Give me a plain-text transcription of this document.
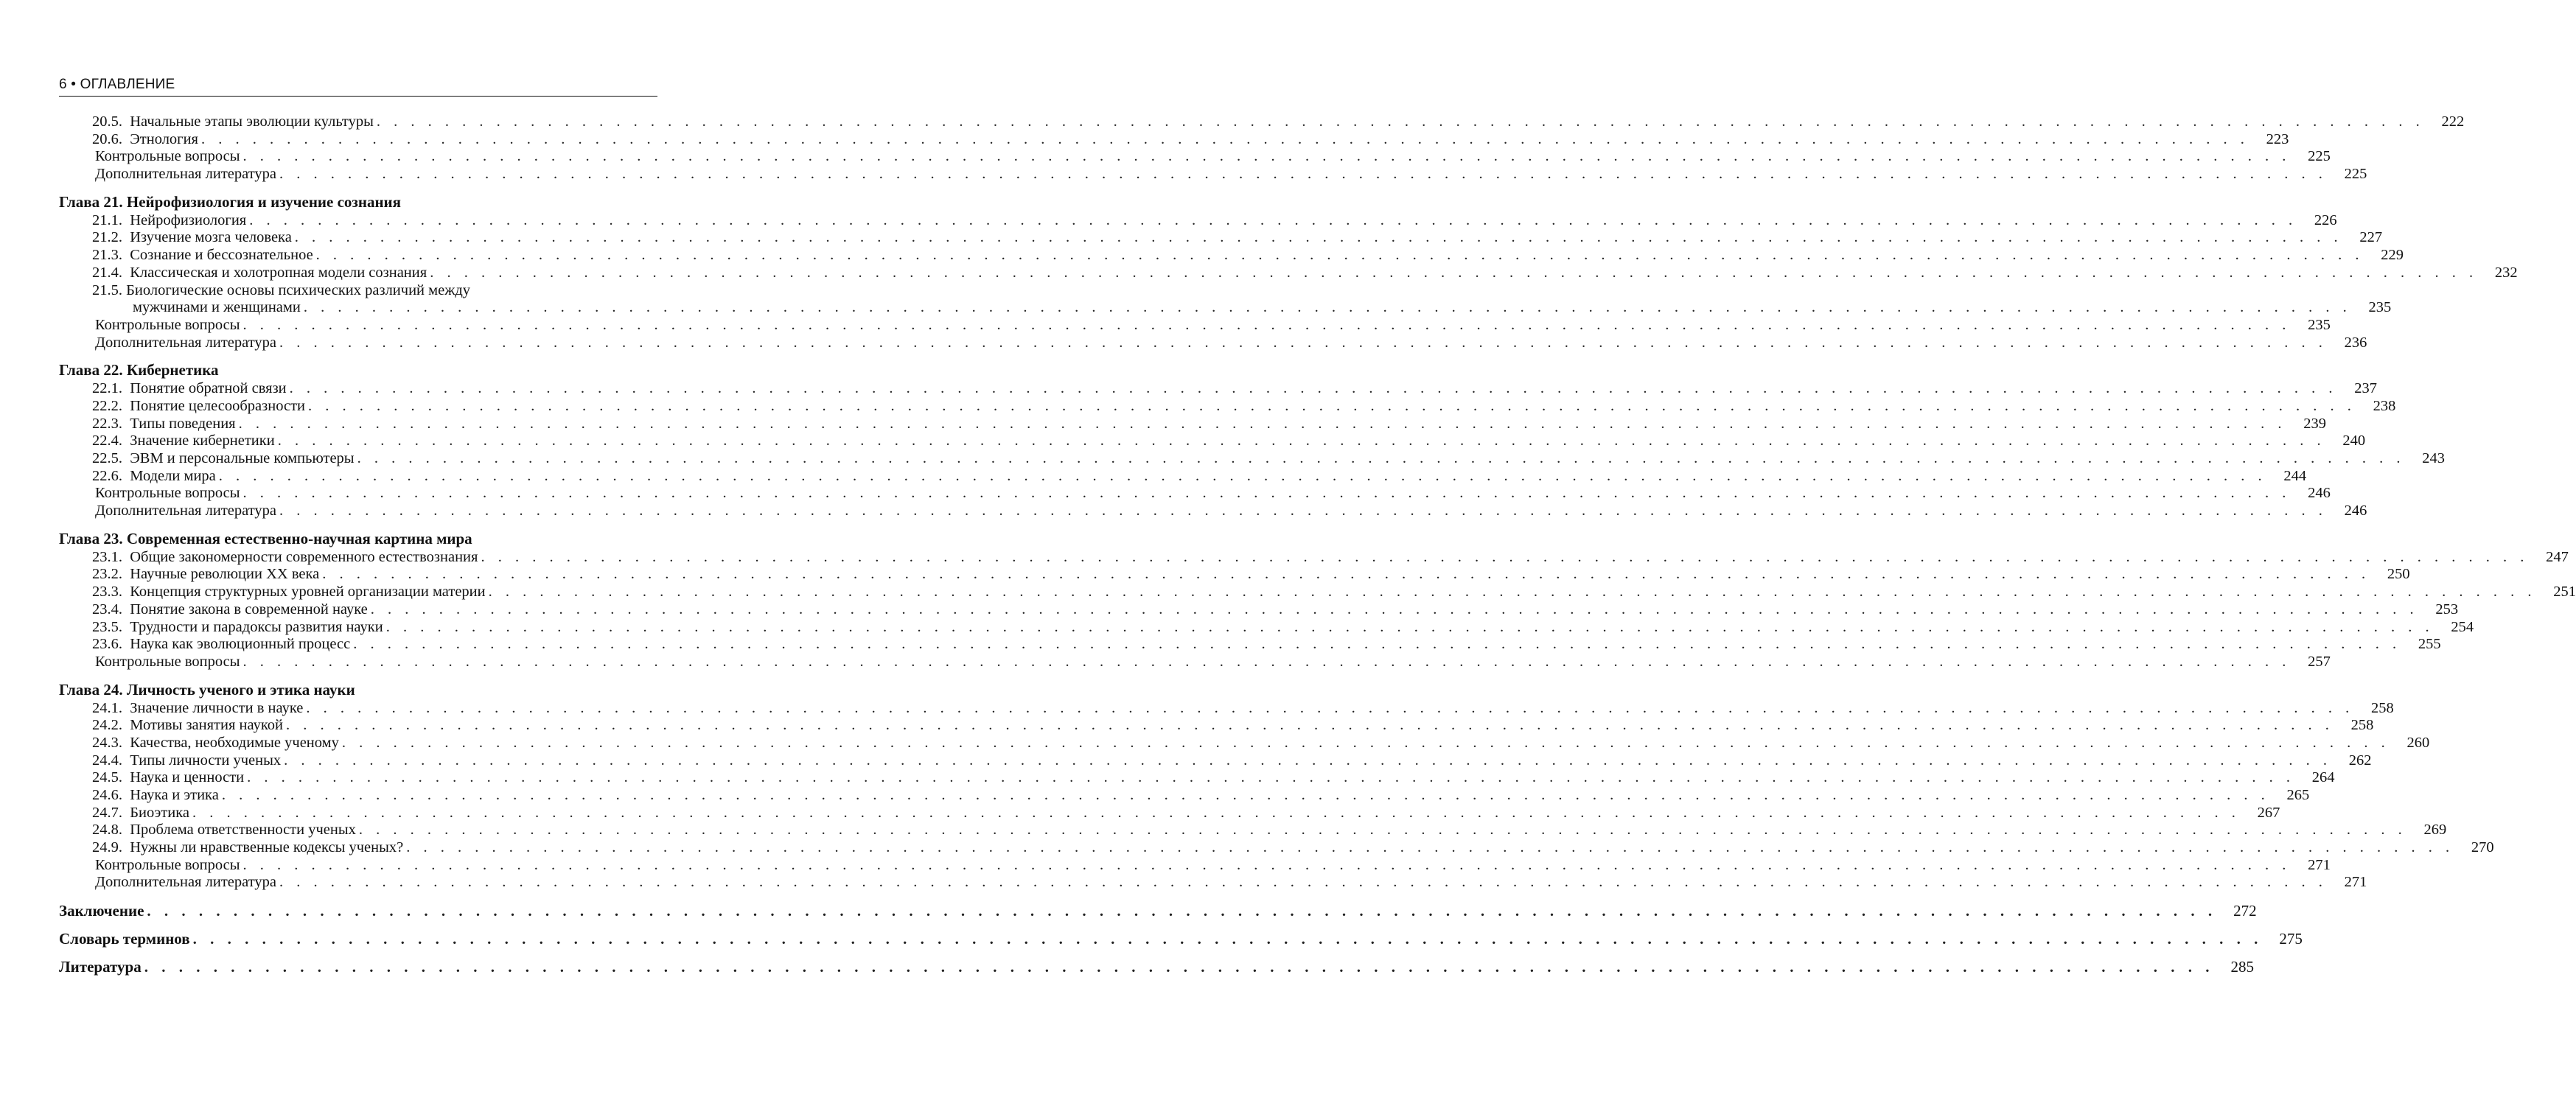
6 • ОГЛАВЛЕНИЕ
20.5.  Начальные этапы эволюции культуры . . . . . . . . . . . . . . . . . . . . . . . . . . . . . . . . . . . . . . . . . . . . . . . . . . . . . . . . . . . . . . . . . . . . . . . . . . . . . . . . . . . . . . . . . . . . . . . . . . . . . . . . . . . . . . . . . . . . . . . .	222
20.6.  Этнология . . . . . . . . . . . . . . . . . . . . . . . . . . . . . . . . . . . . . . . . . . . . . . . . . . . . . . . . . . . . . . . . . . . . . . . . . . . . . . . . . . . . . . . . . . . . . . . . . . . . . . . . . . . . . . . . . . . . . . . .	223
Контрольные вопросы . . . . . . . . . . . . . . . . . . . . . . . . . . . . . . . . . . . . . . . . . . . . . . . . . . . . . . . . . . . . . . . . . . . . . . . . . . . . . . . . . . . . . . . . . . . . . . . . . . . . . . . . . . . . . . . . . . . . . . . .	225
Дополнительная литература . . . . . . . . . . . . . . . . . . . . . . . . . . . . . . . . . . . . . . . . . . . . . . . . . . . . . . . . . . . . . . . . . . . . . . . . . . . . . . . . . . . . . . . . . . . . . . . . . . . . . . . . . . . . . . . . . . . . . . . .	225
Глава 21. Нейрофизиология и изучение сознания
21.1.  Нейрофизиология . . . . . . . . . . . . . . . . . . . . . . . . . . . . . . . . . . . . . . . . . . . . . . . . . . . . . . . . . . . . . . . . . . . . . . . . . . . . . . . . . . . . . . . . . . . . . . . . . . . . . . . . . . . . . . . . . . . . . . . .	226
21.2.  Изучение мозга человека . . . . . . . . . . . . . . . . . . . . . . . . . . . . . . . . . . . . . . . . . . . . . . . . . . . . . . . . . . . . . . . . . . . . . . . . . . . . . . . . . . . . . . . . . . . . . . . . . . . . . . . . . . . . . . . . . . . . . . . .	227
21.3.  Сознание и бессознательное . . . . . . . . . . . . . . . . . . . . . . . . . . . . . . . . . . . . . . . . . . . . . . . . . . . . . . . . . . . . . . . . . . . . . . . . . . . . . . . . . . . . . . . . . . . . . . . . . . . . . . . . . . . . . . . . . . . . . . . .	229
21.4.  Классическая и холотропная модели сознания . . . . . . . . . . . . . . . . . . . . . . . . . . . . . . . . . . . . . . . . . . . . . . . . . . . . . . . . . . . . . . . . . . . . . . . . . . . . . . . . . . . . . . . . . . . . . . . . . . . . . . . . . . . . . . . . . . . . . . . .	232
21.5. Биологические основы психических различий между
мужчинами и женщинами . . . . . . . . . . . . . . . . . . . . . . . . . . . . . . . . . . . . . . . . . . . . . . . . . . . . . . . . . . . . . . . . . . . . . . . . . . . . . . . . . . . . . . . . . . . . . . . . . . . . . . . . . . . . . . . . . . . . . . . .	235
Контрольные вопросы . . . . . . . . . . . . . . . . . . . . . . . . . . . . . . . . . . . . . . . . . . . . . . . . . . . . . . . . . . . . . . . . . . . . . . . . . . . . . . . . . . . . . . . . . . . . . . . . . . . . . . . . . . . . . . . . . . . . . . . .	235
Дополнительная литература . . . . . . . . . . . . . . . . . . . . . . . . . . . . . . . . . . . . . . . . . . . . . . . . . . . . . . . . . . . . . . . . . . . . . . . . . . . . . . . . . . . . . . . . . . . . . . . . . . . . . . . . . . . . . . . . . . . . . . . .	236
Глава 22. Кибернетика
22.1.  Понятие обратной связи . . . . . . . . . . . . . . . . . . . . . . . . . . . . . . . . . . . . . . . . . . . . . . . . . . . . . . . . . . . . . . . . . . . . . . . . . . . . . . . . . . . . . . . . . . . . . . . . . . . . . . . . . . . . . . . . . . . . . . . .	237
22.2.  Понятие целесообразности . . . . . . . . . . . . . . . . . . . . . . . . . . . . . . . . . . . . . . . . . . . . . . . . . . . . . . . . . . . . . . . . . . . . . . . . . . . . . . . . . . . . . . . . . . . . . . . . . . . . . . . . . . . . . . . . . . . . . . . .	238
22.3.  Типы поведения . . . . . . . . . . . . . . . . . . . . . . . . . . . . . . . . . . . . . . . . . . . . . . . . . . . . . . . . . . . . . . . . . . . . . . . . . . . . . . . . . . . . . . . . . . . . . . . . . . . . . . . . . . . . . . . . . . . . . . . .	239
22.4.  Значение кибернетики . . . . . . . . . . . . . . . . . . . . . . . . . . . . . . . . . . . . . . . . . . . . . . . . . . . . . . . . . . . . . . . . . . . . . . . . . . . . . . . . . . . . . . . . . . . . . . . . . . . . . . . . . . . . . . . . . . . . . . . .	240
22.5.  ЭВМ и персональные компьютеры . . . . . . . . . . . . . . . . . . . . . . . . . . . . . . . . . . . . . . . . . . . . . . . . . . . . . . . . . . . . . . . . . . . . . . . . . . . . . . . . . . . . . . . . . . . . . . . . . . . . . . . . . . . . . . . . . . . . . . . .	243
22.6.  Модели мира . . . . . . . . . . . . . . . . . . . . . . . . . . . . . . . . . . . . . . . . . . . . . . . . . . . . . . . . . . . . . . . . . . . . . . . . . . . . . . . . . . . . . . . . . . . . . . . . . . . . . . . . . . . . . . . . . . . . . . . .	244
Контрольные вопросы . . . . . . . . . . . . . . . . . . . . . . . . . . . . . . . . . . . . . . . . . . . . . . . . . . . . . . . . . . . . . . . . . . . . . . . . . . . . . . . . . . . . . . . . . . . . . . . . . . . . . . . . . . . . . . . . . . . . . . . .	246
Дополнительная литература . . . . . . . . . . . . . . . . . . . . . . . . . . . . . . . . . . . . . . . . . . . . . . . . . . . . . . . . . . . . . . . . . . . . . . . . . . . . . . . . . . . . . . . . . . . . . . . . . . . . . . . . . . . . . . . . . . . . . . . .	246
Глава 23. Современная естественно-научная картина мира
23.1.  Общие закономерности современного естествознания . . . . . . . . . . . . . . . . . . . . . . . . . . . . . . . . . . . . . . . . . . . . . . . . . . . . . . . . . . . . . . . . . . . . . . . . . . . . . . . . . . . . . . . . . . . . . . . . . . . . . . . . . . . . . . . . . . . . . . . .	247
23.2.  Научные революции XX века . . . . . . . . . . . . . . . . . . . . . . . . . . . . . . . . . . . . . . . . . . . . . . . . . . . . . . . . . . . . . . . . . . . . . . . . . . . . . . . . . . . . . . . . . . . . . . . . . . . . . . . . . . . . . . . . . . . . . . . .	250
23.3.  Концепция структурных уровней организации материи . . . . . . . . . . . . . . . . . . . . . . . . . . . . . . . . . . . . . . . . . . . . . . . . . . . . . . . . . . . . . . . . . . . . . . . . . . . . . . . . . . . . . . . . . . . . . . . . . . . . . . . . . . . . . . . . . . . . . . . .	251
23.4.  Понятие закона в современной науке . . . . . . . . . . . . . . . . . . . . . . . . . . . . . . . . . . . . . . . . . . . . . . . . . . . . . . . . . . . . . . . . . . . . . . . . . . . . . . . . . . . . . . . . . . . . . . . . . . . . . . . . . . . . . . . . . . . . . . . .	253
23.5.  Трудности и парадоксы развития науки . . . . . . . . . . . . . . . . . . . . . . . . . . . . . . . . . . . . . . . . . . . . . . . . . . . . . . . . . . . . . . . . . . . . . . . . . . . . . . . . . . . . . . . . . . . . . . . . . . . . . . . . . . . . . . . . . . . . . . . .	254
23.6.  Наука как эволюционный процесс . . . . . . . . . . . . . . . . . . . . . . . . . . . . . . . . . . . . . . . . . . . . . . . . . . . . . . . . . . . . . . . . . . . . . . . . . . . . . . . . . . . . . . . . . . . . . . . . . . . . . . . . . . . . . . . . . . . . . . . .	255
Контрольные вопросы . . . . . . . . . . . . . . . . . . . . . . . . . . . . . . . . . . . . . . . . . . . . . . . . . . . . . . . . . . . . . . . . . . . . . . . . . . . . . . . . . . . . . . . . . . . . . . . . . . . . . . . . . . . . . . . . . . . . . . . .	257
Глава 24. Личность ученого и этика науки
24.1.  Значение личности в науке . . . . . . . . . . . . . . . . . . . . . . . . . . . . . . . . . . . . . . . . . . . . . . . . . . . . . . . . . . . . . . . . . . . . . . . . . . . . . . . . . . . . . . . . . . . . . . . . . . . . . . . . . . . . . . . . . . . . . . . .	258
24.2.  Мотивы занятия наукой . . . . . . . . . . . . . . . . . . . . . . . . . . . . . . . . . . . . . . . . . . . . . . . . . . . . . . . . . . . . . . . . . . . . . . . . . . . . . . . . . . . . . . . . . . . . . . . . . . . . . . . . . . . . . . . . . . . . . . . .	258
24.3.  Качества, необходимые ученому . . . . . . . . . . . . . . . . . . . . . . . . . . . . . . . . . . . . . . . . . . . . . . . . . . . . . . . . . . . . . . . . . . . . . . . . . . . . . . . . . . . . . . . . . . . . . . . . . . . . . . . . . . . . . . . . . . . . . . . .	260
24.4.  Типы личности ученых . . . . . . . . . . . . . . . . . . . . . . . . . . . . . . . . . . . . . . . . . . . . . . . . . . . . . . . . . . . . . . . . . . . . . . . . . . . . . . . . . . . . . . . . . . . . . . . . . . . . . . . . . . . . . . . . . . . . . . . .	262
24.5.  Наука и ценности . . . . . . . . . . . . . . . . . . . . . . . . . . . . . . . . . . . . . . . . . . . . . . . . . . . . . . . . . . . . . . . . . . . . . . . . . . . . . . . . . . . . . . . . . . . . . . . . . . . . . . . . . . . . . . . . . . . . . . . .	264
24.6.  Наука и этика . . . . . . . . . . . . . . . . . . . . . . . . . . . . . . . . . . . . . . . . . . . . . . . . . . . . . . . . . . . . . . . . . . . . . . . . . . . . . . . . . . . . . . . . . . . . . . . . . . . . . . . . . . . . . . . . . . . . . . . .	265
24.7.  Биоэтика . . . . . . . . . . . . . . . . . . . . . . . . . . . . . . . . . . . . . . . . . . . . . . . . . . . . . . . . . . . . . . . . . . . . . . . . . . . . . . . . . . . . . . . . . . . . . . . . . . . . . . . . . . . . . . . . . . . . . . . .	267
24.8.  Проблема ответственности ученых . . . . . . . . . . . . . . . . . . . . . . . . . . . . . . . . . . . . . . . . . . . . . . . . . . . . . . . . . . . . . . . . . . . . . . . . . . . . . . . . . . . . . . . . . . . . . . . . . . . . . . . . . . . . . . . . . . . . . . . .	269
24.9.  Нужны ли нравственные кодексы ученых? . . . . . . . . . . . . . . . . . . . . . . . . . . . . . . . . . . . . . . . . . . . . . . . . . . . . . . . . . . . . . . . . . . . . . . . . . . . . . . . . . . . . . . . . . . . . . . . . . . . . . . . . . . . . . . . . . . . . . . . .	270
Контрольные вопросы . . . . . . . . . . . . . . . . . . . . . . . . . . . . . . . . . . . . . . . . . . . . . . . . . . . . . . . . . . . . . . . . . . . . . . . . . . . . . . . . . . . . . . . . . . . . . . . . . . . . . . . . . . . . . . . . . . . . . . . .	271
Дополнительная литература . . . . . . . . . . . . . . . . . . . . . . . . . . . . . . . . . . . . . . . . . . . . . . . . . . . . . . . . . . . . . . . . . . . . . . . . . . . . . . . . . . . . . . . . . . . . . . . . . . . . . . . . . . . . . . . . . . . . . . . .	271
Заключение . . . . . . . . . . . . . . . . . . . . . . . . . . . . . . . . . . . . . . . . . . . . . . . . . . . . . . . . . . . . . . . . . . . . . . . . . . . . . . . . . . . . . . . . . . . . . . . . . . . . . . . . . . . . . . . . . . . . . . . .	272
Словарь терминов . . . . . . . . . . . . . . . . . . . . . . . . . . . . . . . . . . . . . . . . . . . . . . . . . . . . . . . . . . . . . . . . . . . . . . . . . . . . . . . . . . . . . . . . . . . . . . . . . . . . . . . . . . . . . . . . . . . . . . . .	275
Литература . . . . . . . . . . . . . . . . . . . . . . . . . . . . . . . . . . . . . . . . . . . . . . . . . . . . . . . . . . . . . . . . . . . . . . . . . . . . . . . . . . . . . . . . . . . . . . . . . . . . . . . . . . . . . . . . . . . . . . . .	285
